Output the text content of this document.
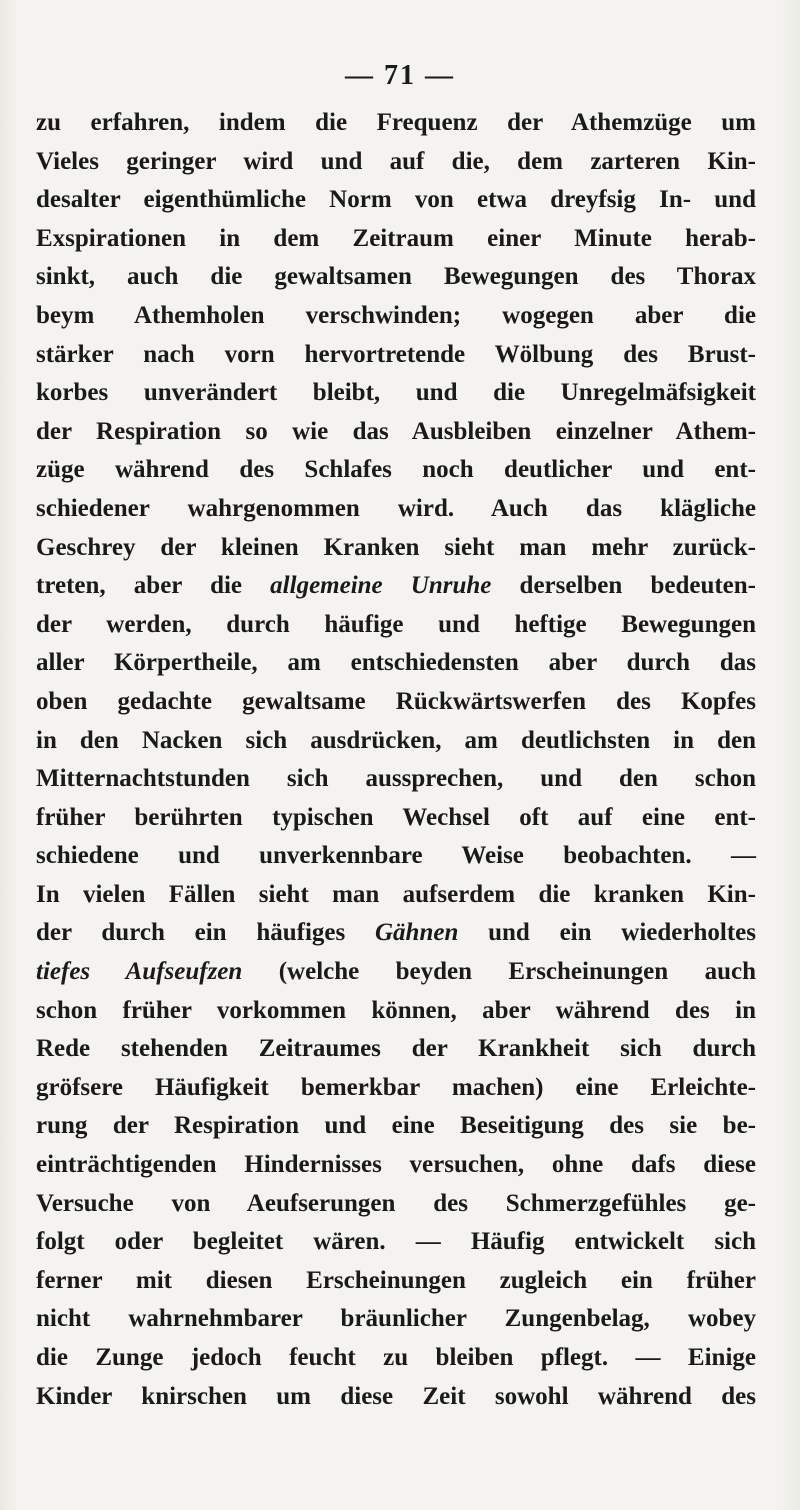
— 71 —
zu erfahren, indem die Frequenz der Athemzüge um
Vieles geringer wird und auf die, dem zarteren Kin-
desalter eigenthümliche Norm von etwa dreyfsig In- und
Exspirationen in dem Zeitraum einer Minute herab-
sinkt, auch die gewaltsamen Bewegungen des Thorax
beym Athemholen verschwinden; wogegen aber die
stärker nach vorn hervortretende Wölbung des Brust-
korbes unverändert bleibt, und die Unregelmäfsigkeit
der Respiration so wie das Ausbleiben einzelner Athem-
züge während des Schlafes noch deutlicher und ent-
schiedener wahrgenommen wird. Auch das klägliche
Geschrey der kleinen Kranken sieht man mehr zurück-
treten, aber die allgemeine Unruhe derselben bedeuten-
der werden, durch häufige und heftige Bewegungen
aller Körpertheile, am entschiedensten aber durch das
oben gedachte gewaltsame Rückwärtswerfen des Kopfes
in den Nacken sich ausdrücken, am deutlichsten in den
Mitternachtstunden sich aussprechen, und den schon
früher berührten typischen Wechsel oft auf eine ent-
schiedene und unverkennbare Weise beobachten. —
In vielen Fällen sieht man aufserdem die kranken Kin-
der durch ein häufiges Gähnen und ein wiederholtes
tiefes Aufseufzen (welche beyden Erscheinungen auch
schon früher vorkommen können, aber während des in
Rede stehenden Zeitraumes der Krankheit sich durch
gröfsere Häufigkeit bemerkbar machen) eine Erleichte-
rung der Respiration und eine Beseitigung des sie be-
einträchtigenden Hindernisses versuchen, ohne dafs diese
Versuche von Aeufserungen des Schmerzgefühles ge-
folgt oder begleitet wären. — Häufig entwickelt sich
ferner mit diesen Erscheinungen zugleich ein früher
nicht wahrnehmbarer bräunlicher Zungenbelag, wobey
die Zunge jedoch feucht zu bleiben pflegt. — Einige
Kinder knirschen um diese Zeit sowohl während des
